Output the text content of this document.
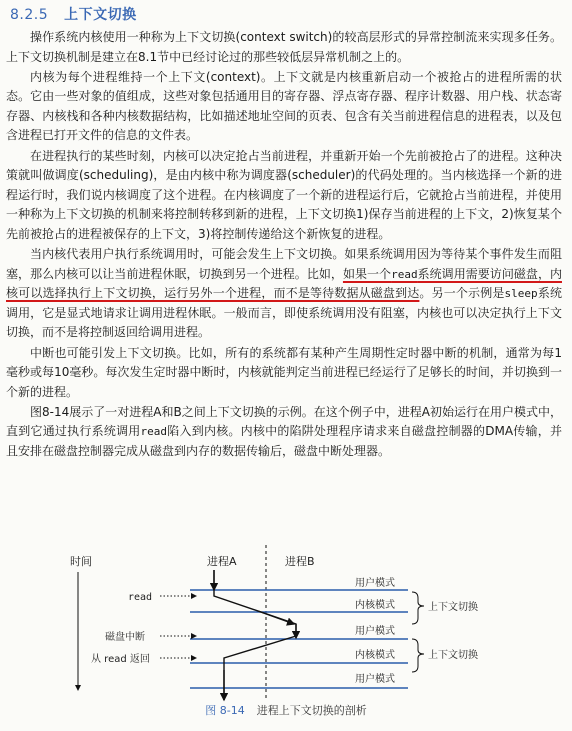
8.2.5 上下文切换

操作系统内核使用一种称为上下文切换(context switch)的较高层形式的异常控制流来实现多任务。上下文切换机制是建立在8.1节中已经讨论过的那些较低层异常机制之上的。

内核为每个进程维持一个上下文(context)。上下文就是内核重新启动一个被抢占的进程所需的状态。它由一些对象的值组成，这些对象包括通用目的寄存器、浮点寄存器、程序计数器、用户栈、状态寄存器、内核栈和各种内核数据结构，比如描述地址空间的页表、包含有关当前进程信息的进程表，以及包含进程已打开文件的信息的文件表。

在进程执行的某些时刻，内核可以决定抢占当前进程，并重新开始一个先前被抢占了的进程。这种决策就叫做调度(scheduling)，是由内核中称为调度器(scheduler)的代码处理的。当内核选择一个新的进程运行时，我们说内核调度了这个进程。在内核调度了一个新的进程运行后，它就抢占当前进程，并使用一种称为上下文切换的机制来将控制转移到新的进程，上下文切换1)保存当前进程的上下文，2)恢复某个先前被抢占的进程被保存的上下文，3)将控制传递给这个新恢复的进程。

当内核代表用户执行系统调用时，可能会发生上下文切换。如果系统调用因为等待某个事件发生而阻塞，那么内核可以让当前进程休眠，切换到另一个进程。比如，如果一个read系统调用需要访问磁盘，内核可以选择执行上下文切换，运行另外一个进程，而不是等待数据从磁盘到达。另一个示例是sleep系统调用，它是显式地请求让调用进程休眠。一般而言，即使系统调用没有阻塞，内核也可以决定执行上下文切换，而不是将控制返回给调用进程。

中断也可能引发上下文切换。比如，所有的系统都有某种产生周期性定时器中断的机制，通常为每1毫秒或每10毫秒。每次发生定时器中断时，内核就能判定当前进程已经运行了足够长的时间，并切换到一个新的进程。

图8-14展示了一对进程A和B之间上下文切换的示例。在这个例子中，进程A初始运行在用户模式中，直到它通过执行系统调用read陷入到内核。内核中的陷阱处理程序请求来自磁盘控制器的DMA传输，并且安排在磁盘控制器完成从磁盘到内存的数据传输后，磁盘中断处理器。

时间	进程A	进程B
用户模式
内核模式
用户模式
内核模式
用户模式
上下文切换
上下文切换
read
磁盘中断
从 read 返回
图 8-14 进程上下文切换的剖析
